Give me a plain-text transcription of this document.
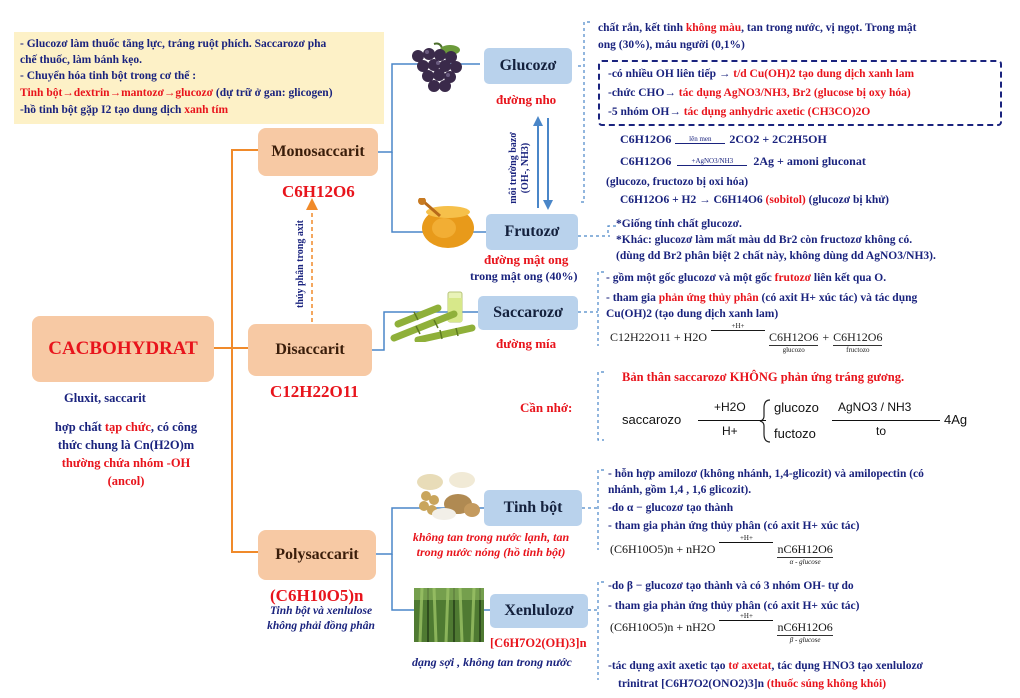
- Glucozơ làm thuốc tăng lực, tráng ruột phích. Saccarozơ pha
chế thuốc, làm bánh kẹo.
- Chuyển hóa tinh bột trong cơ thể :
Tinh bột→dextrin→mantozơ→glucozơ (dự trữ ở gan: glicogen)
-hồ tinh bột gặp I2 tạo dung dịch xanh tím
CACBOHYDRAT
Gluxit, saccarit
hợp chất tạp chức, có công
thức chung là Cn(H2O)m
thường chứa nhóm -OH
(ancol)
Monosaccarit
C6H12O6
thủy phân trong axit
Disaccarit
C12H22O11
Polysaccarit
(C6H10O5)n
Tinh bột và xenlulose
không phải đồng phân
Glucozơ
đường nho
môi trường bazơ (OH-, NH3)
Frutozơ
đường mật ong
trong mật ong (40%)
Saccarozơ
đường mía
Tinh bột
không tan trong nước lạnh, tan
trong nước nóng (hồ tinh bột)
Xenlulozơ
[C6H7O2(OH)3]n
dạng sợi , không tan trong nước
chất rắn, kết tinh không màu, tan trong nước, vị ngọt. Trong mật
ong (30%), máu người (0,1%)
-có nhiều OH liên tiếp → t/d Cu(OH)2 tạo dung dịch xanh lam
-chức CHO→ tác dụng AgNO3/NH3, Br2 (glucose bị oxy hóa)
-5 nhóm OH→ tác dụng anhydric axetic (CH3CO)2O
C6H12O6	lên men 2CO2 + 2C2H5OH
C6H12O6	+AgNO3/NH3 2Ag + amoni gluconat
(glucozo, fructozo bị oxi hóa)
C6H12O6 + H2 → C6H14O6 (sobitol) (glucozơ bị khử)
*Giống tính chất glucozơ.
*Khác: glucozơ làm mất màu dd Br2 còn fructozơ không có.
(dùng dd Br2 phân biệt 2 chất này, không dùng dd AgNO3/NH3).
- gồm một gốc glucozơ và một gốc frutozơ liên kết qua O.
- tham gia phản ứng thủy phân (có axit H+ xúc tác) và tác dụng
Cu(OH)2 (tạo dung dịch xanh lam)
C12H22O11 + H2O
+H+
C6H12O6
glucozo
+ C6H12O6
fructozo
Cần nhớ:
Bản thân saccarozơ KHÔNG phản ứng tráng gương.
saccarozo
+H2O
H+
glucozo
fuctozo
AgNO3 / NH3
to
4Ag
- hỗn hợp amilozơ (không nhánh, 1,4-glicozit) và amilopectin (có
nhánh, gồm 1,4 , 1,6 glicozit).
-do α − glucozơ tạo thành
- tham gia phản ứng thủy phân (có axit H+ xúc tác)
(C6H10O5)n + nH2O
+H+
nC6H12O6
α - glucose
-do β − glucozơ tạo thành và có 3 nhóm OH- tự do
- tham gia phản ứng thủy phân (có axit H+ xúc tác)
(C6H10O5)n + nH2O
+H+
nC6H12O6
β - glucose
-tác dụng axit axetic tạo tơ axetat, tác dụng HNO3 tạo xenlulozơ
trinitrat [C6H7O2(ONO2)3]n (thuốc súng không khói)
